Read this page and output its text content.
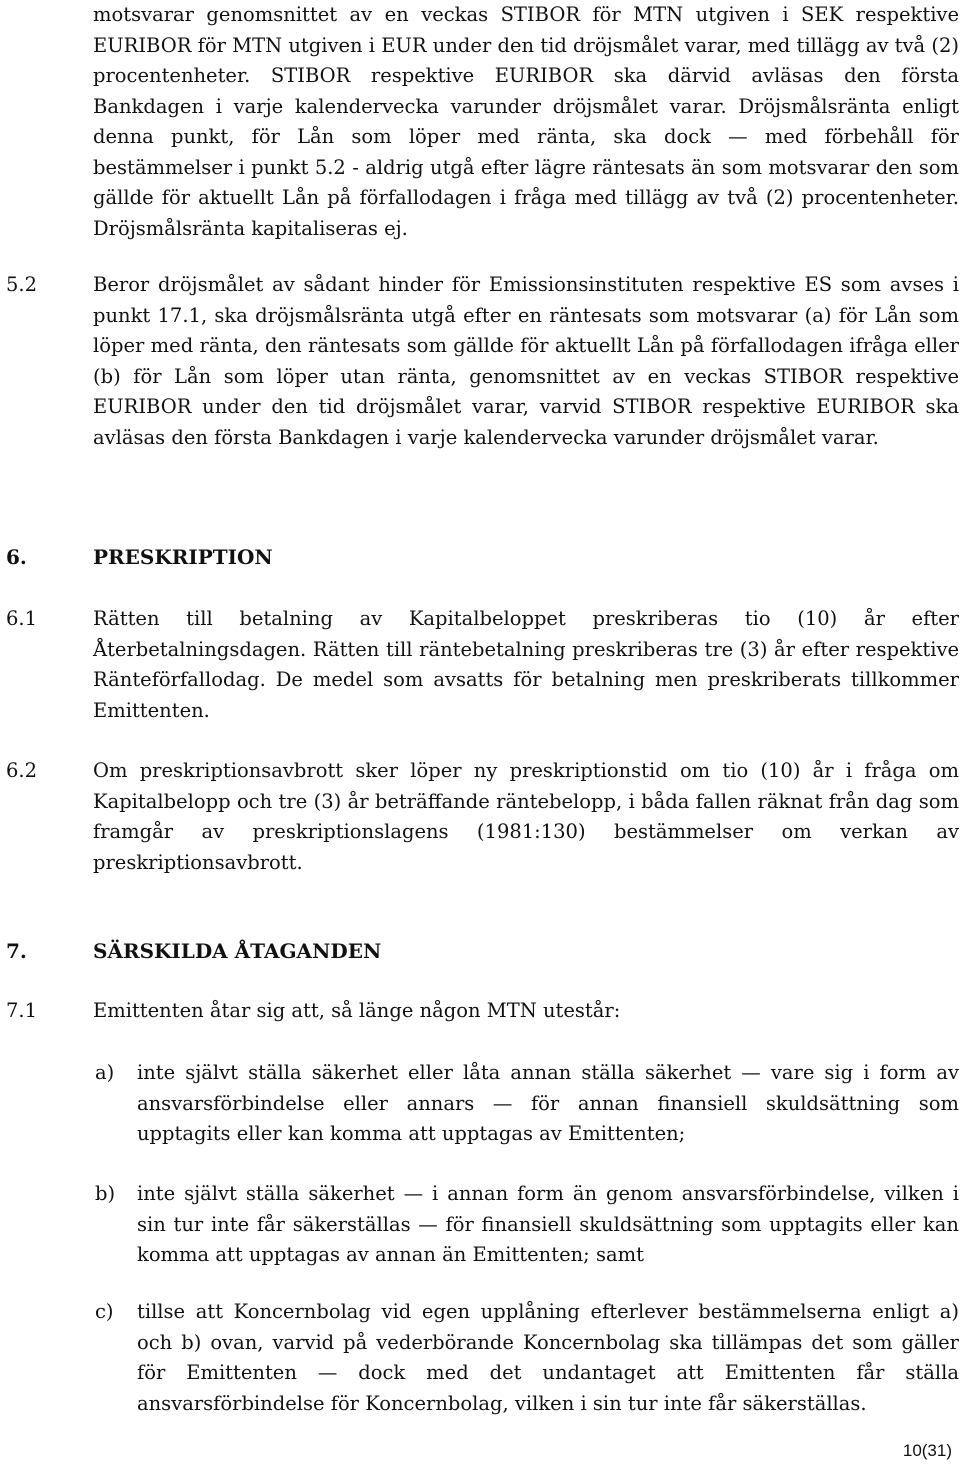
motsvarar genomsnittet av en veckas STIBOR för MTN utgiven i SEK respektive EURIBOR för MTN utgiven i EUR under den tid dröjsmålet varar, med tillägg av två (2) procentenheter. STIBOR respektive EURIBOR ska därvid avläsas den första Bankdagen i varje kalendervecka varunder dröjsmålet varar. Dröjsmålsränta enligt denna punkt, för Lån som löper med ränta, ska dock — med förbehåll för bestämmelser i punkt 5.2 - aldrig utgå efter lägre räntesats än som motsvarar den som gällde för aktuellt Lån på förfallodagen i fråga med tillägg av två (2) procentenheter. Dröjsmålsränta kapitaliseras ej.

5.2	Beror dröjsmålet av sådant hinder för Emissionsinstituten respektive ES som avses i punkt 17.1, ska dröjsmålsränta utgå efter en räntesats som motsvarar (a) för Lån som löper med ränta, den räntesats som gällde för aktuellt Lån på förfallodagen ifråga eller (b) för Lån som löper utan ränta, genomsnittet av en veckas STIBOR respektive EURIBOR under den tid dröjsmålet varar, varvid STIBOR respektive EURIBOR ska avläsas den första Bankdagen i varje kalendervecka varunder dröjsmålet varar.

6.	PRESKRIPTION

6.1	Rätten till betalning av Kapitalbeloppet preskriberas tio (10) år efter Återbetalningsdagen. Rätten till räntebetalning preskriberas tre (3) år efter respektive Ränteförfallodag. De medel som avsatts för betalning men preskriberats tillkommer Emittenten.

6.2	Om preskriptionsavbrott sker löper ny preskriptionstid om tio (10) år i fråga om Kapitalbelopp och tre (3) år beträffande räntebelopp, i båda fallen räknat från dag som framgår av preskriptionslagens (1981:130) bestämmelser om verkan av preskriptionsavbrott.

7.	SÄRSKILDA ÅTAGANDEN

7.1	Emittenten åtar sig att, så länge någon MTN utestår:

a) inte självt ställa säkerhet eller låta annan ställa säkerhet — vare sig i form av ansvarsförbindelse eller annars — för annan finansiell skuldsättning som upptagits eller kan komma att upptagas av Emittenten;

b) inte självt ställa säkerhet — i annan form än genom ansvarsförbindelse, vilken i sin tur inte får säkerställas — för finansiell skuldsättning som upptagits eller kan komma att upptagas av annan än Emittenten; samt

c) tillse att Koncernbolag vid egen upplåning efterlever bestämmelserna enligt a) och b) ovan, varvid på vederbörande Koncernbolag ska tillämpas det som gäller för Emittenten — dock med det undantaget att Emittenten får ställa ansvarsförbindelse för Koncernbolag, vilken i sin tur inte får säkerställas.

10(31)
